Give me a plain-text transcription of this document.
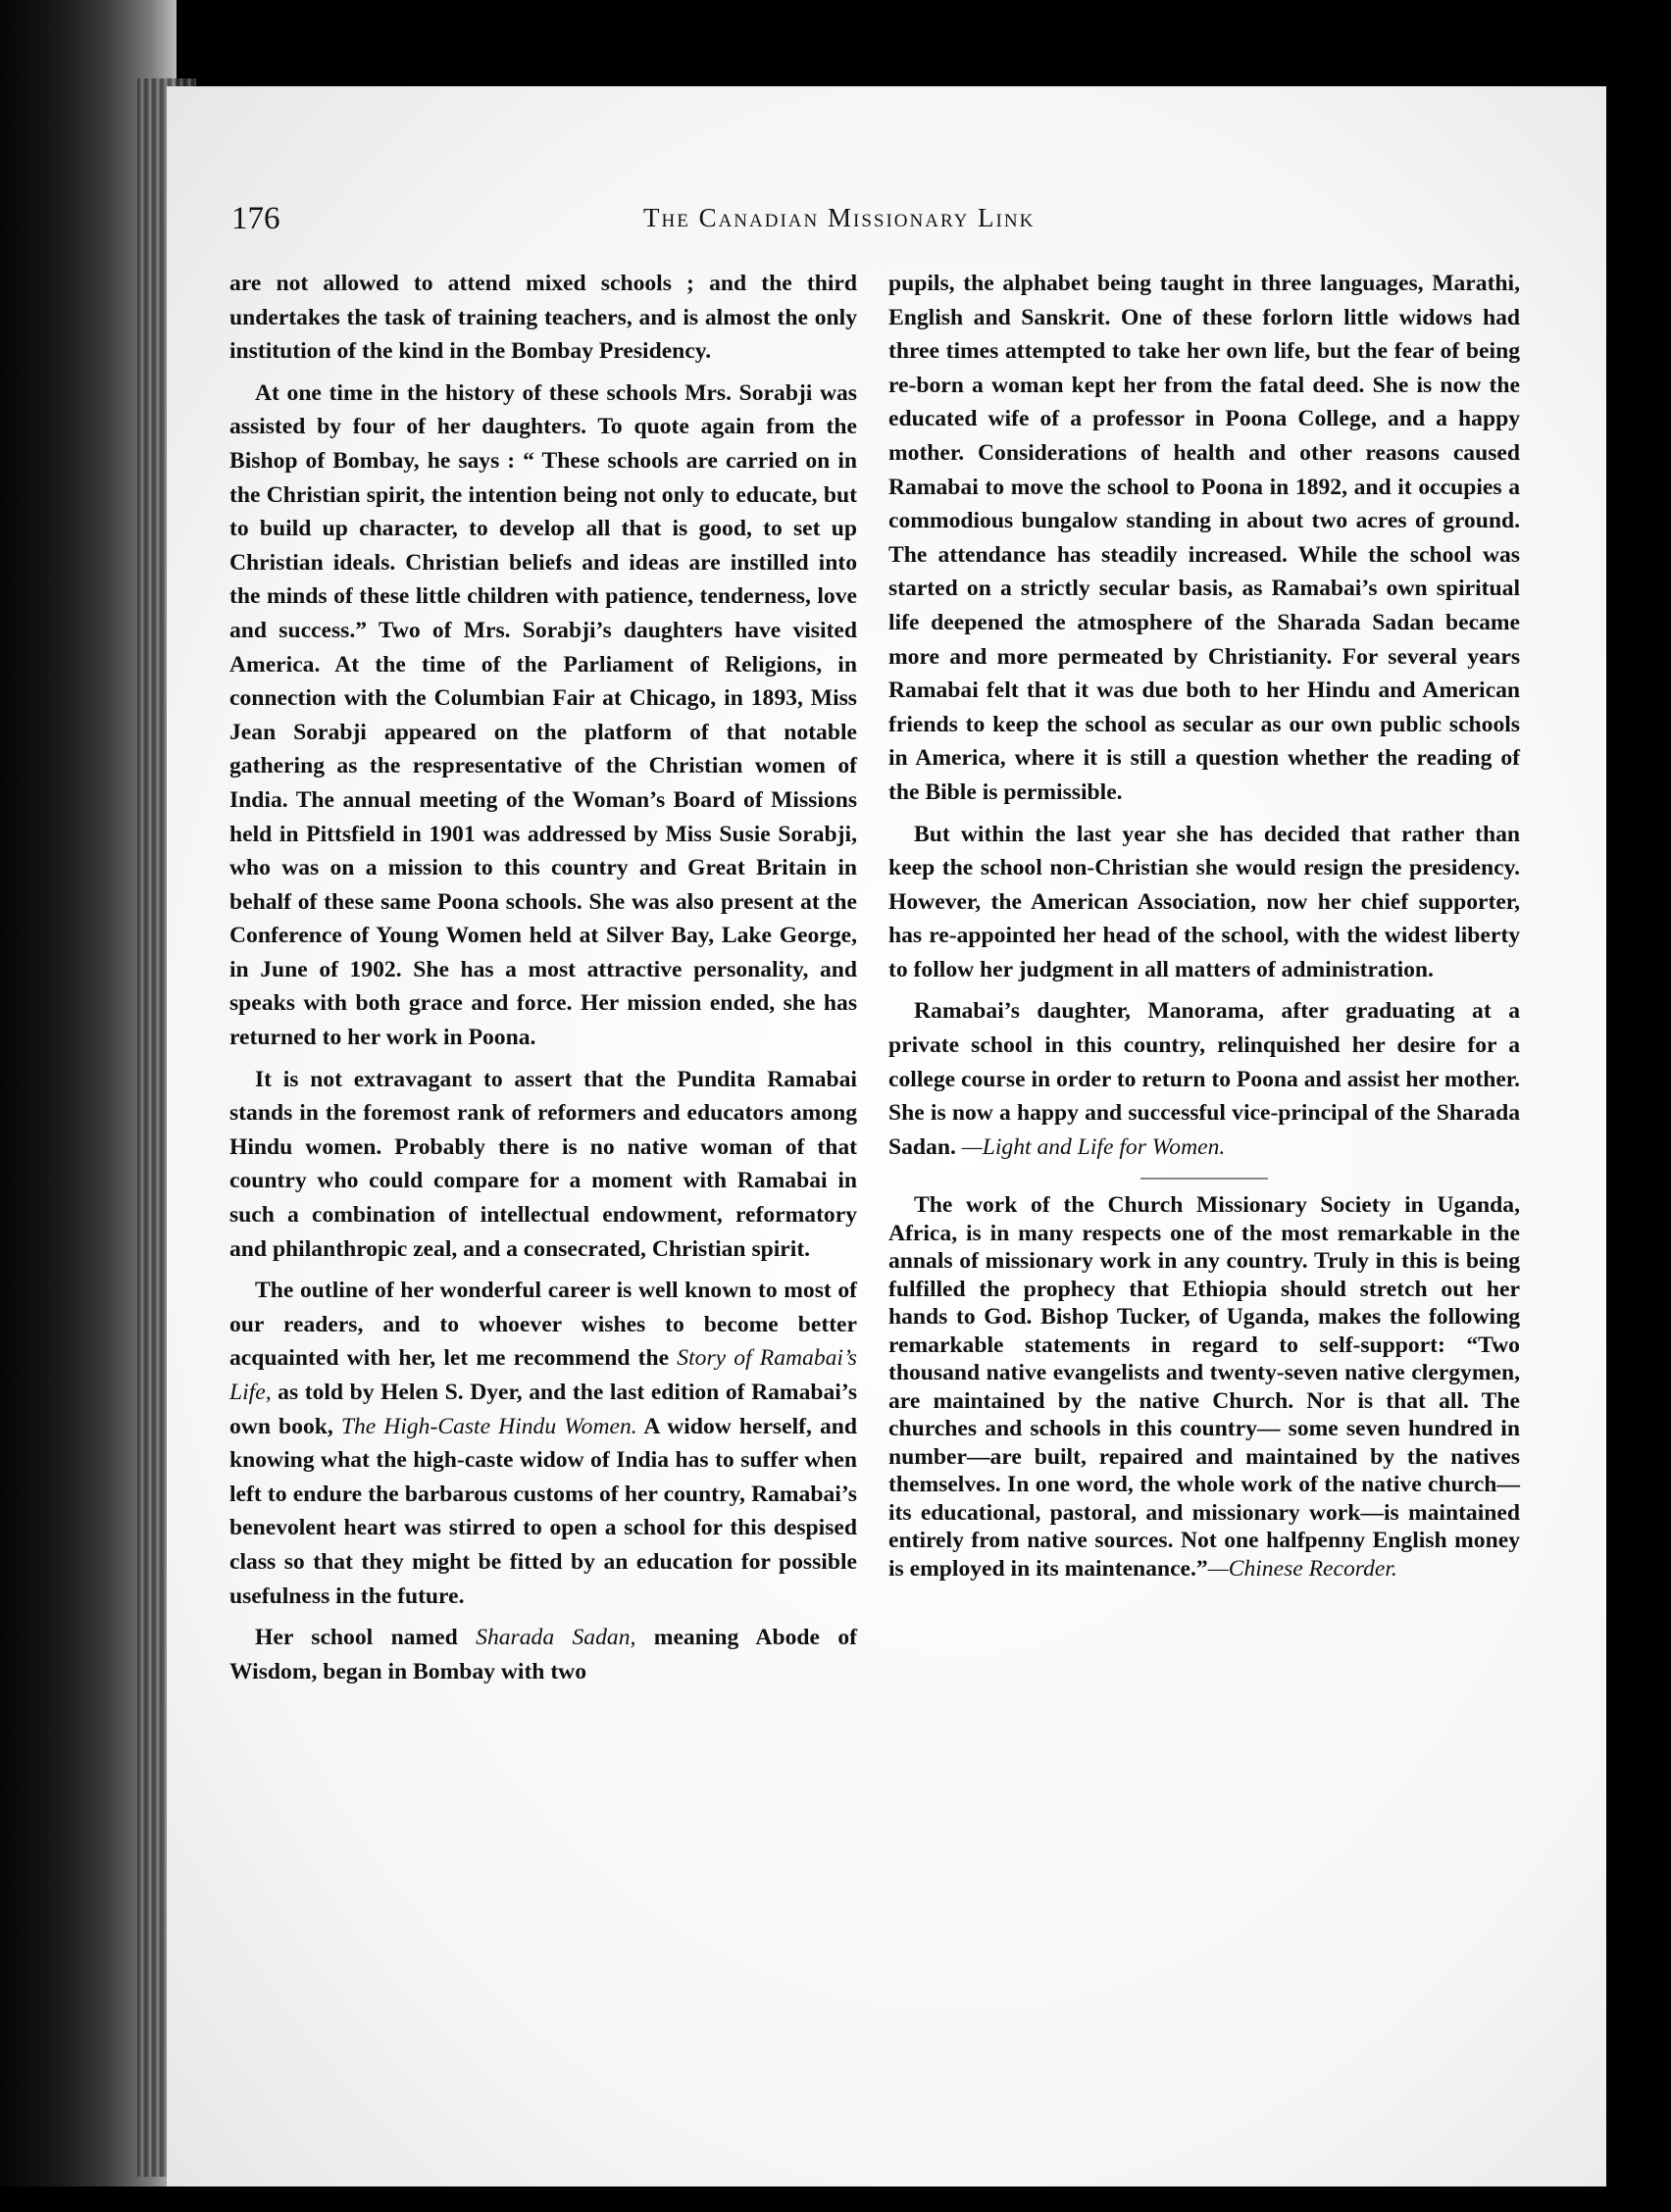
176	The Canadian Missionary Link

are not allowed to attend mixed schools ; and the third undertakes the task of training teachers, and is almost the only institution of the kind in the Bombay Presidency.

At one time in the history of these schools Mrs. Sorabji was assisted by four of her daughters. To quote again from the Bishop of Bombay, he says : “ These schools are carried on in the Christian spirit, the intention being not only to educate, but to build up character, to develop all that is good, to set up Christian ideals. Christian beliefs and ideas are instilled into the minds of these little children with patience, tenderness, love and success.” Two of Mrs. Sorabji’s daughters have visited America. At the time of the Parliament of Religions, in connection with the Columbian Fair at Chicago, in 1893, Miss Jean Sorabji appeared on the platform of that notable gathering as the respresentative of the Christian women of India. The annual meeting of the Woman’s Board of Missions held in Pittsfield in 1901 was addressed by Miss Susie Sorabji, who was on a mission to this country and Great Britain in behalf of these same Poona schools. She was also present at the Conference of Young Women held at Silver Bay, Lake George, in June of 1902. She has a most attractive personality, and speaks with both grace and force. Her mission ended, she has returned to her work in Poona.

It is not extravagant to assert that the Pundita Ramabai stands in the foremost rank of reformers and educators among Hindu women. Probably there is no native woman of that country who could compare for a moment with Ramabai in such a combination of intellectual endowment, reformatory and philanthropic zeal, and a consecrated, Christian spirit.

The outline of her wonderful career is well known to most of our readers, and to whoever wishes to become better acquainted with her, let me recommend the Story of Ramabai’s Life, as told by Helen S. Dyer, and the last edition of Ramabai’s own book, The High-Caste Hindu Women. A widow herself, and knowing what the high-caste widow of India has to suffer when left to endure the barbarous customs of her country, Ramabai’s benevolent heart was stirred to open a school for this despised class so that they might be fitted by an education for possible usefulness in the future.

Her school named Sharada Sadan, meaning Abode of Wisdom, began in Bombay with two

pupils, the alphabet being taught in three languages, Marathi, English and Sanskrit. One of these forlorn little widows had three times attempted to take her own life, but the fear of being re-born a woman kept her from the fatal deed. She is now the educated wife of a professor in Poona College, and a happy mother. Considerations of health and other reasons caused Ramabai to move the school to Poona in 1892, and it occupies a commodious bungalow standing in about two acres of ground. The attendance has steadily increased. While the school was started on a strictly secular basis, as Ramabai’s own spiritual life deepened the atmosphere of the Sharada Sadan became more and more permeated by Christianity. For several years Ramabai felt that it was due both to her Hindu and American friends to keep the school as secular as our own public schools in America, where it is still a question whether the reading of the Bible is permissible.

But within the last year she has decided that rather than keep the school non-Christian she would resign the presidency. However, the American Association, now her chief supporter, has re-appointed her head of the school, with the widest liberty to follow her judgment in all matters of administration.

Ramabai’s daughter, Manorama, after graduating at a private school in this country, relinquished her desire for a college course in order to return to Poona and assist her mother. She is now a happy and successful vice-principal of the Sharada Sadan. —Light and Life for Women.

The work of the Church Missionary Society in Uganda, Africa, is in many respects one of the most remarkable in the annals of missionary work in any country. Truly in this is being fulfilled the prophecy that Ethiopia should stretch out her hands to God. Bishop Tucker, of Uganda, makes the following remarkable statements in regard to self-support: “Two thousand native evangelists and twenty-seven native clergymen, are maintained by the native Church. Nor is that all. The churches and schools in this country— some seven hundred in number—are built, repaired and maintained by the natives themselves. In one word, the whole work of the native church—its educational, pastoral, and missionary work—is maintained entirely from native sources. Not one halfpenny English money is employed in its maintenance.”—Chinese Recorder.
